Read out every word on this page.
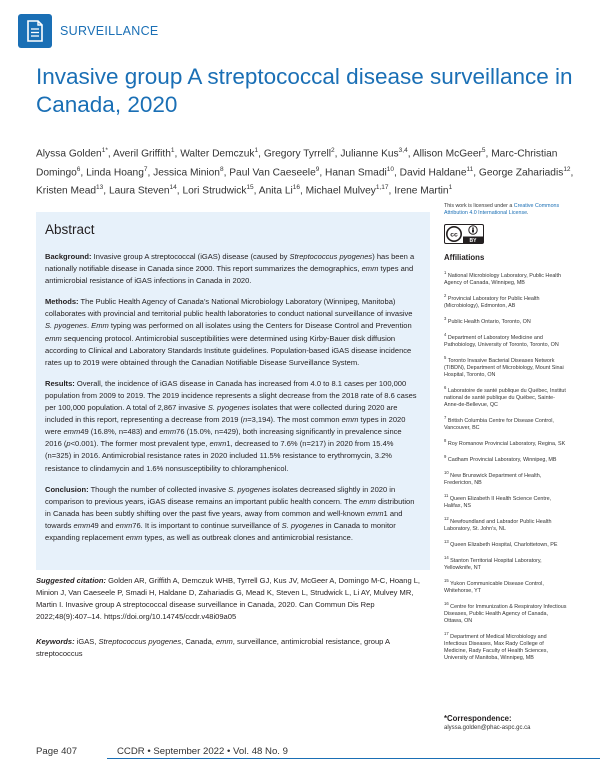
SURVEILLANCE
Invasive group A streptococcal disease surveillance in Canada, 2020
Alyssa Golden$^{1*}$, Averil Griffith$^1$, Walter Demczuk$^1$, Gregory Tyrrell$^2$, Julianne Kus$^{3,4}$, Allison McGeer$^5$, Marc-Christian Domingo$^6$, Linda Hoang$^7$, Jessica Minion$^8$, Paul Van Caeseele$^9$, Hanan Smadi$^{10}$, David Haldane$^{11}$, George Zahariadis$^{12}$, Kristen Mead$^{13}$, Laura Steven$^{14}$, Lori Strudwick$^{15}$, Anita Li$^{16}$, Michael Mulvey$^{1,17}$, Irene Martin$^1$
Abstract

Background: Invasive group A streptococcal (iGAS) disease (caused by Streptococcus pyogenes) has been a nationally notifiable disease in Canada since 2000. This report summarizes the demographics, emm types and antimicrobial resistance of iGAS infections in Canada in 2020.

Methods: The Public Health Agency of Canada’s National Microbiology Laboratory (Winnipeg, Manitoba) collaborates with provincial and territorial public health laboratories to conduct national surveillance of invasive S. pyogenes. Emm typing was performed on all isolates using the Centers for Disease Control and Prevention emm sequencing protocol. Antimicrobial susceptibilities were determined using Kirby-Bauer disk diffusion according to Clinical and Laboratory Standards Institute guidelines. Population-based iGAS disease incidence rates up to 2019 were obtained through the Canadian Notifiable Disease Surveillance System.

Results: Overall, the incidence of iGAS disease in Canada has increased from 4.0 to 8.1 cases per 100,000 population from 2009 to 2019. The 2019 incidence represents a slight decrease from the 2018 rate of 8.6 cases per 100,000 population. A total of 2,867 invasive S. pyogenes isolates that were collected during 2020 are included in this report, representing a decrease from 2019 (n=3,194). The most common emm types in 2020 were emm49 (16.8%, n=483) and emm76 (15.0%, n=429), both increasing significantly in prevalence since 2016 (p<0.001). The former most prevalent type, emm1, decreased to 7.6% (n=217) in 2020 from 15.4% (n=325) in 2016. Antimicrobial resistance rates in 2020 included 11.5% resistance to erythromycin, 3.2% resistance to clindamycin and 1.6% nonsusceptibility to chloramphenicol.

Conclusion: Though the number of collected invasive S. pyogenes isolates decreased slightly in 2020 in comparison to previous years, iGAS disease remains an important public health concern. The emm distribution in Canada has been subtly shifting over the past five years, away from common and well-known emm1 and towards emm49 and emm76. It is important to continue surveillance of S. pyogenes in Canada to monitor expanding replacement emm types, as well as outbreak clones and antimicrobial resistance.

Suggested citation: Golden AR, Griffith A, Demczuk WHB, Tyrrell GJ, Kus JV, McGeer A, Domingo M-C, Hoang L, Minion J, Van Caeseele P, Smadi H, Haldane D, Zahariadis G, Mead K, Steven L, Strudwick L, Li AY, Mulvey MR, Martin I. Invasive group A streptococcal disease surveillance in Canada, 2020. Can Commun Dis Rep 2022;48(9):407–14. https://doi.org/10.14745/ccdr.v48i09a05

Keywords: iGAS, Streptococcus pyogenes, Canada, emm, surveillance, antimicrobial resistance, group A streptococcus

This work is licensed under a Creative Commons Attribution 4.0 International License.

cc
BY
Affiliations

$^1$ National Microbiology Laboratory, Public Health Agency of Canada, Winnipeg, MB

$^2$ Provincial Laboratory for Public Health (Microbiology), Edmonton, AB

$^3$ Public Health Ontario, Toronto, ON

$^4$ Department of Laboratory Medicine and Pathobiology, University of Toronto, Toronto, ON

$^5$ Toronto Invasive Bacterial Diseases Network (TIBDN), Department of Microbiology, Mount Sinai Hospital, Toronto, ON

$^6$ Laboratoire de santé publique du Québec, Institut national de santé publique du Québec, Sainte-Anne-de-Bellevue, QC

$^7$ British Columbia Centre for Disease Control, Vancouver, BC

$^8$ Roy Romanow Provincial Laboratory, Regina, SK

$^9$ Cadham Provincial Laboratory, Winnipeg, MB

$^{10}$ New Brunswick Department of Health, Fredericton, NB

$^{11}$ Queen Elizabeth II Health Science Centre, Halifax, NS

$^{12}$ Newfoundland and Labrador Public Health Laboratory, St. John’s, NL

$^{13}$ Queen Elizabeth Hospital, Charlottetown, PE

$^{14}$ Stanton Territorial Hospital Laboratory, Yellowknife, NT

$^{15}$ Yukon Communicable Disease Control, Whitehorse, YT

$^{16}$ Centre for Immunization & Respiratory Infectious Diseases, Public Health Agency of Canada, Ottawa, ON

$^{17}$ Department of Medical Microbiology and Infectious Diseases, Max Rady College of Medicine, Rady Faculty of Health Sciences, University of Manitoba, Winnipeg, MB

*Correspondence:
alyssa.golden@phac-aspc.gc.ca
Page 407	CCDR • September 2022 • Vol. 48 No. 9
